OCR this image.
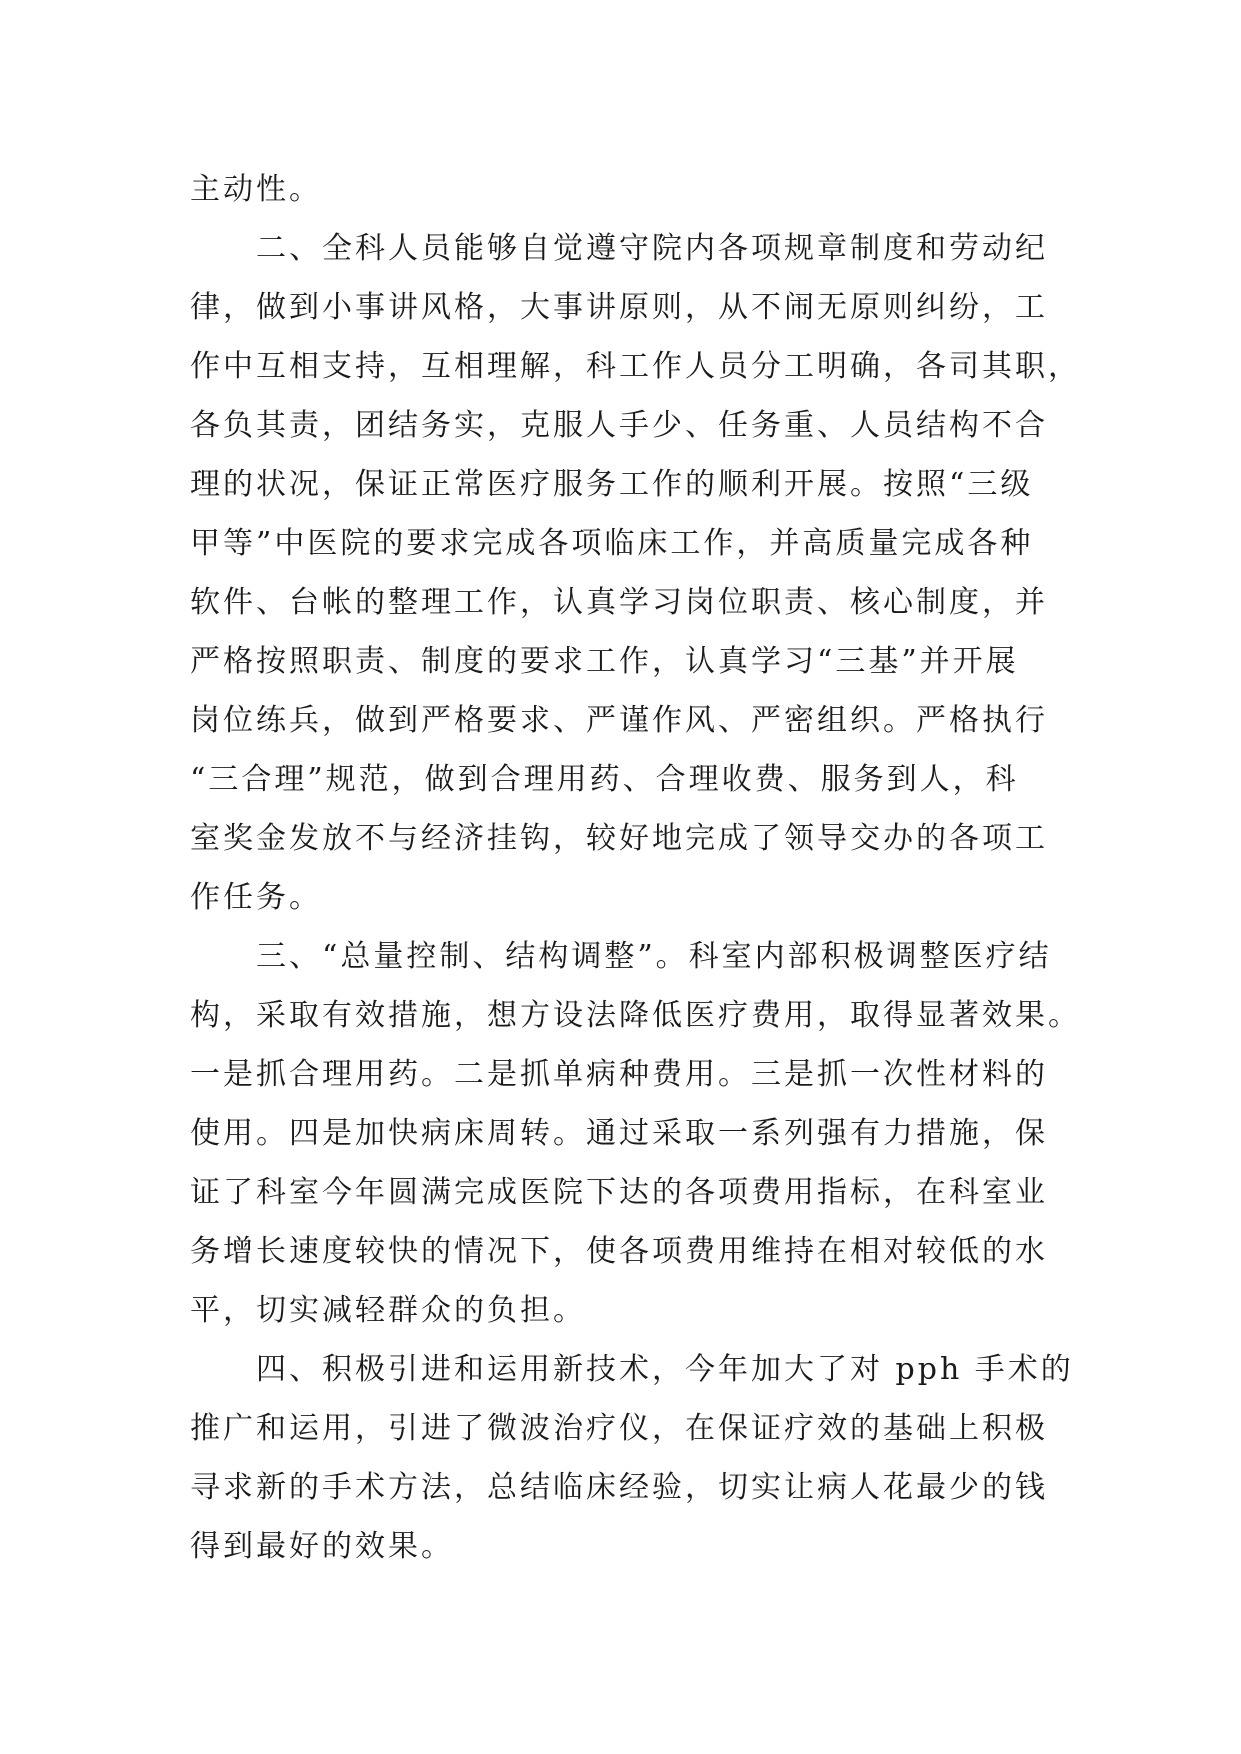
主动性。
　　二、全科人员能够自觉遵守院内各项规章制度和劳动纪
律，做到小事讲风格，大事讲原则，从不闹无原则纠纷，工
作中互相支持，互相理解，科工作人员分工明确，各司其职，
各负其责，团结务实，克服人手少、任务重、人员结构不合
理的状况，保证正常医疗服务工作的顺利开展。按照“三级
甲等”中医院的要求完成各项临床工作，并高质量完成各种
软件、台帐的整理工作，认真学习岗位职责、核心制度，并
严格按照职责、制度的要求工作，认真学习“三基”并开展
岗位练兵，做到严格要求、严谨作风、严密组织。严格执行
“三合理”规范，做到合理用药、合理收费、服务到人，科
室奖金发放不与经济挂钩，较好地完成了领导交办的各项工
作任务。
　　三、“总量控制、结构调整”。科室内部积极调整医疗结
构，采取有效措施，想方设法降低医疗费用，取得显著效果。
一是抓合理用药。二是抓单病种费用。三是抓一次性材料的
使用。四是加快病床周转。通过采取一系列强有力措施，保
证了科室今年圆满完成医院下达的各项费用指标，在科室业
务增长速度较快的情况下，使各项费用维持在相对较低的水
平，切实减轻群众的负担。
　　四、积极引进和运用新技术，今年加大了对 pph 手术的
推广和运用，引进了微波治疗仪，在保证疗效的基础上积极
寻求新的手术方法，总结临床经验，切实让病人花最少的钱
得到最好的效果。
